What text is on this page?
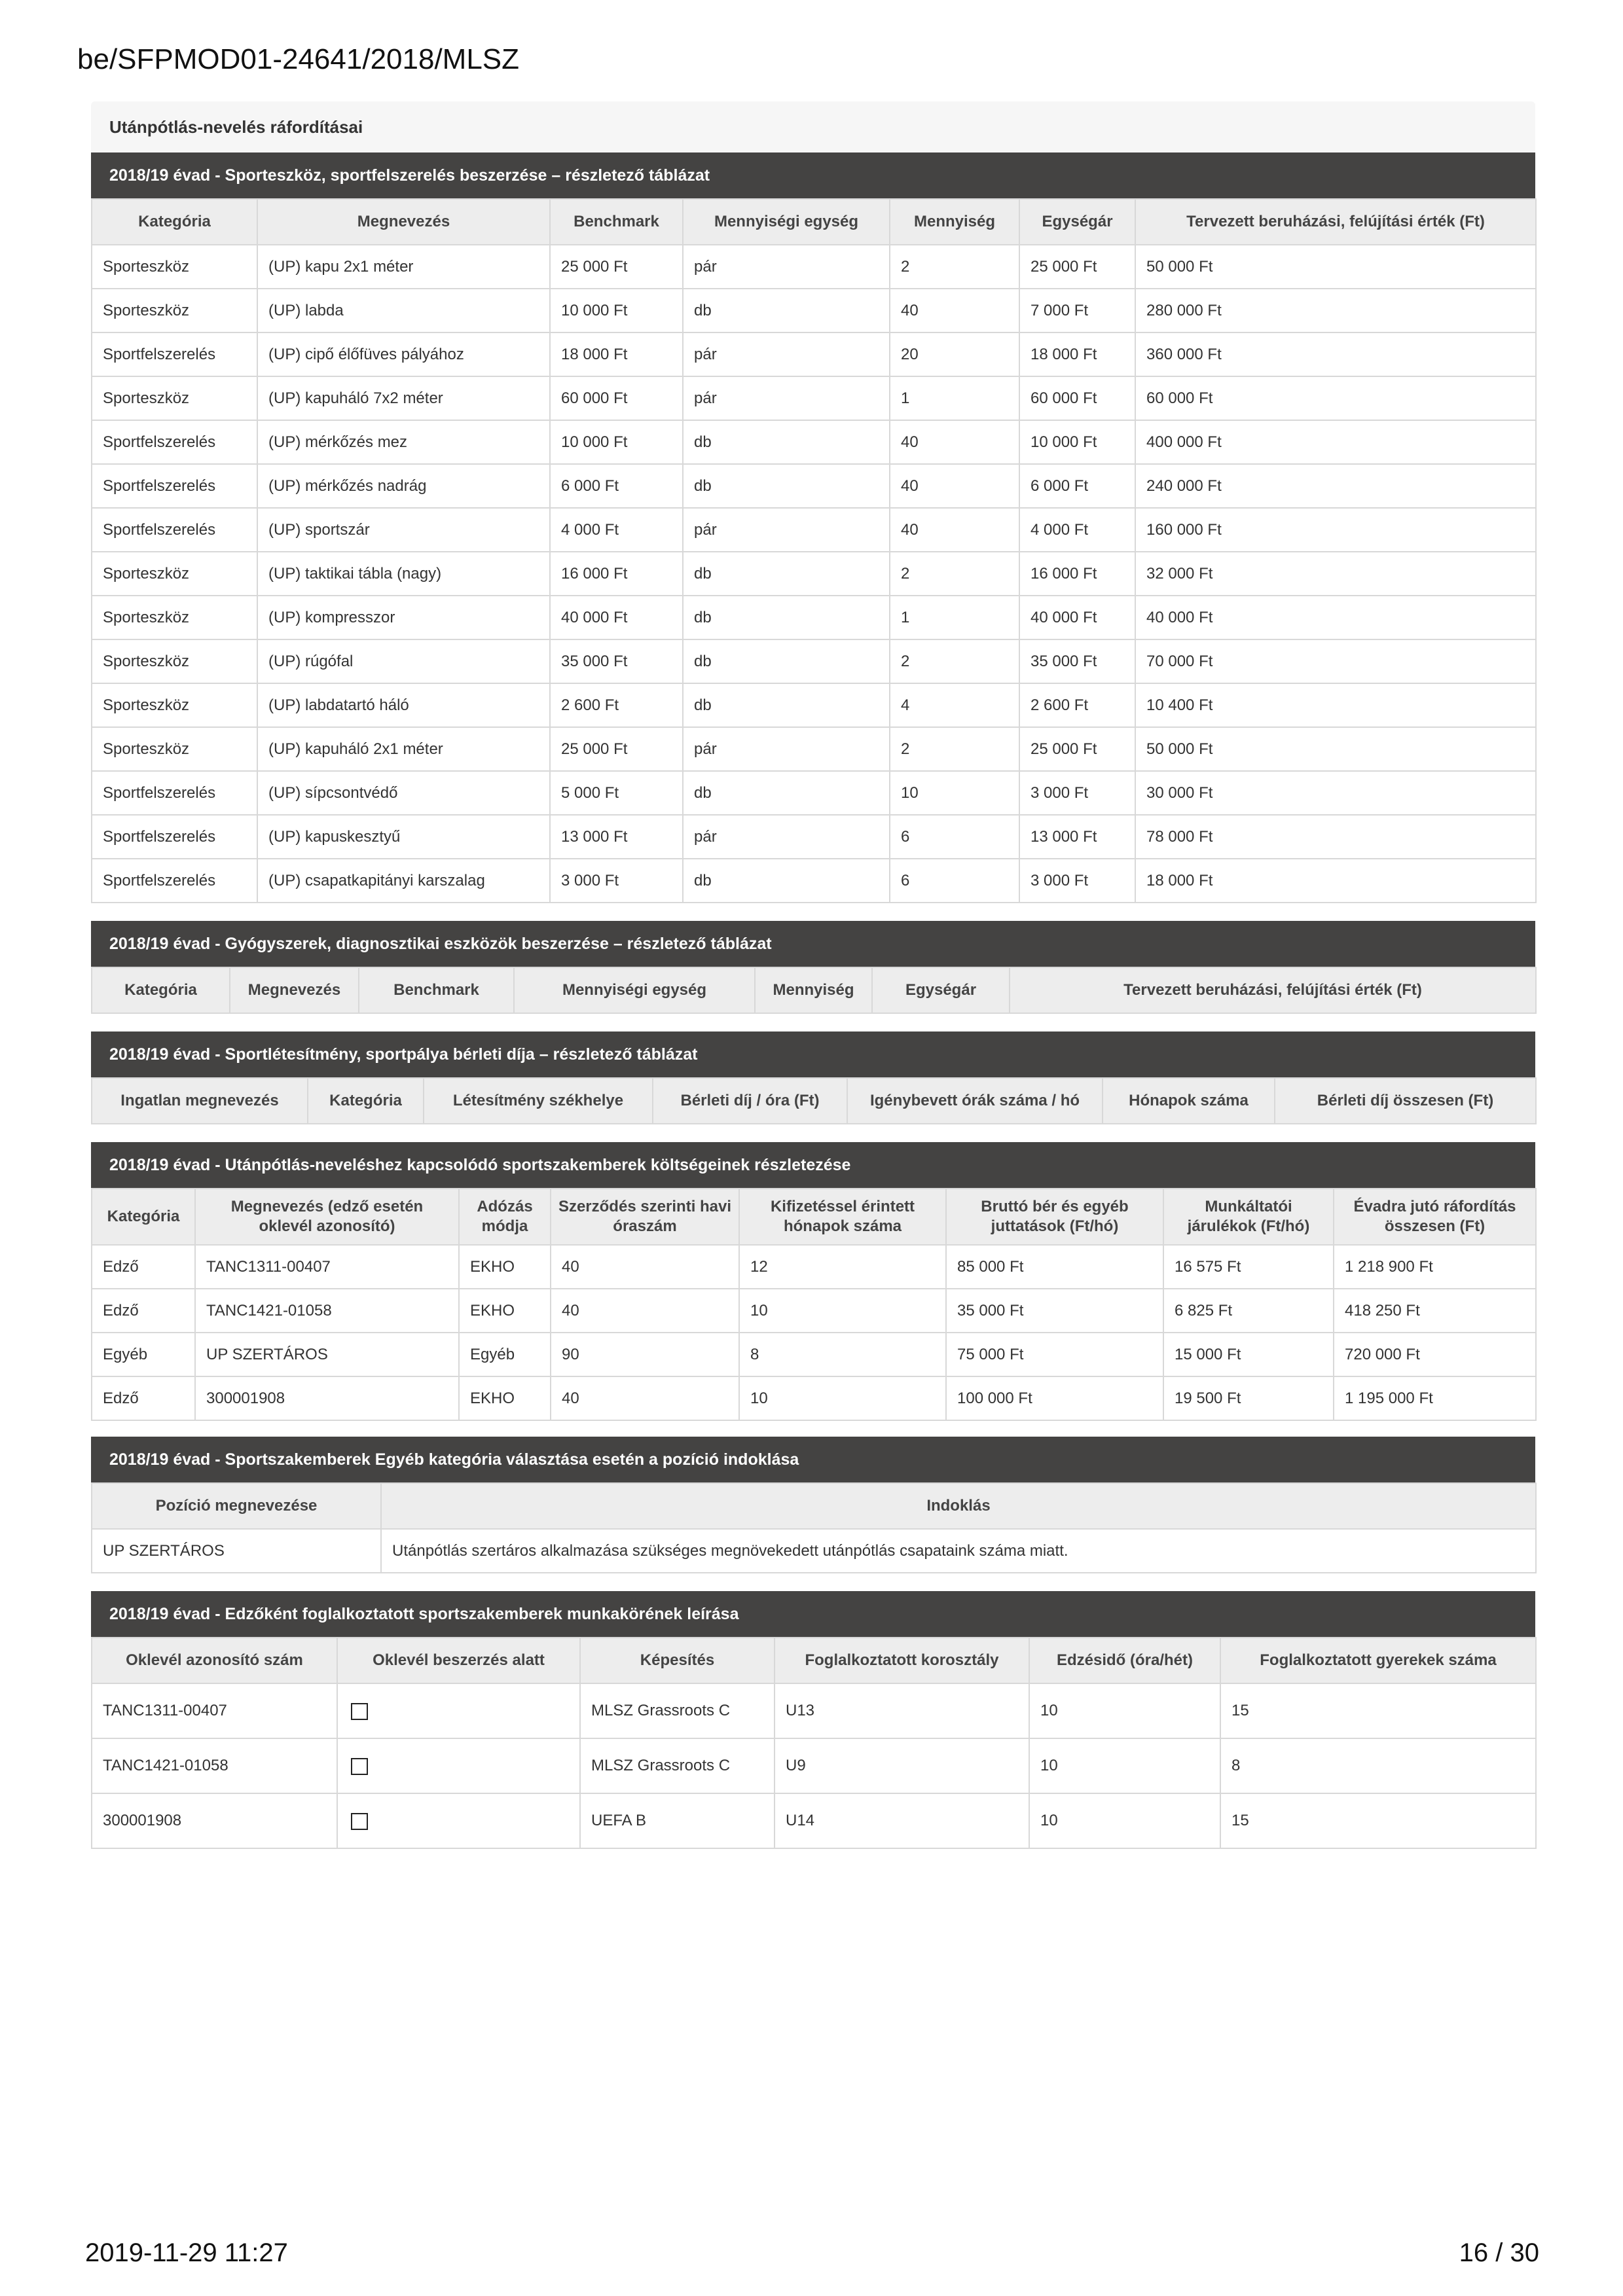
be/SFPMOD01-24641/2018/MLSZ
Utánpótlás-nevelés ráfordításai
2018/19 évad - Sporteszköz, sportfelszerelés beszerzése – részletező táblázat
Kategória	Megnevezés	Benchmark	Mennyiségi egység	Mennyiség	Egységár	Tervezett beruházási, felújítási érték (Ft)
Sporteszköz	(UP) kapu 2x1 méter	25 000 Ft	pár	2	25 000 Ft	50 000 Ft
Sporteszköz	(UP) labda	10 000 Ft	db	40	7 000 Ft	280 000 Ft
Sportfelszerelés	(UP) cipő élőfüves pályához	18 000 Ft	pár	20	18 000 Ft	360 000 Ft
Sporteszköz	(UP) kapuháló 7x2 méter	60 000 Ft	pár	1	60 000 Ft	60 000 Ft
Sportfelszerelés	(UP) mérkőzés mez	10 000 Ft	db	40	10 000 Ft	400 000 Ft
Sportfelszerelés	(UP) mérkőzés nadrág	6 000 Ft	db	40	6 000 Ft	240 000 Ft
Sportfelszerelés	(UP) sportszár	4 000 Ft	pár	40	4 000 Ft	160 000 Ft
Sporteszköz	(UP) taktikai tábla (nagy)	16 000 Ft	db	2	16 000 Ft	32 000 Ft
Sporteszköz	(UP) kompresszor	40 000 Ft	db	1	40 000 Ft	40 000 Ft
Sporteszköz	(UP) rúgófal	35 000 Ft	db	2	35 000 Ft	70 000 Ft
Sporteszköz	(UP) labdatartó háló	2 600 Ft	db	4	2 600 Ft	10 400 Ft
Sporteszköz	(UP) kapuháló 2x1 méter	25 000 Ft	pár	2	25 000 Ft	50 000 Ft
Sportfelszerelés	(UP) sípcsontvédő	5 000 Ft	db	10	3 000 Ft	30 000 Ft
Sportfelszerelés	(UP) kapuskesztyű	13 000 Ft	pár	6	13 000 Ft	78 000 Ft
Sportfelszerelés	(UP) csapatkapitányi karszalag	3 000 Ft	db	6	3 000 Ft	18 000 Ft
2018/19 évad - Gyógyszerek, diagnosztikai eszközök beszerzése – részletező táblázat
Kategória	Megnevezés	Benchmark	Mennyiségi egység	Mennyiség	Egységár	Tervezett beruházási, felújítási érték (Ft)
2018/19 évad - Sportlétesítmény, sportpálya bérleti díja – részletező táblázat
Ingatlan megnevezés	Kategória	Létesítmény székhelye	Bérleti díj / óra (Ft)	Igénybevett órák száma / hó	Hónapok száma	Bérleti díj összesen (Ft)
2018/19 évad - Utánpótlás-neveléshez kapcsolódó sportszakemberek költségeinek részletezése
Kategória	Megnevezés (edző esetén oklevél azonosító)	Adózás módja	Szerződés szerinti havi óraszám	Kifizetéssel érintett hónapok száma	Bruttó bér és egyéb juttatások (Ft/hó)	Munkáltatói járulékok (Ft/hó)	Évadra jutó ráfordítás összesen (Ft)
Edző	TANC1311-00407	EKHO	40	12	85 000 Ft	16 575 Ft	1 218 900 Ft
Edző	TANC1421-01058	EKHO	40	10	35 000 Ft	6 825 Ft	418 250 Ft
Egyéb	UP SZERTÁROS	Egyéb	90	8	75 000 Ft	15 000 Ft	720 000 Ft
Edző	300001908	EKHO	40	10	100 000 Ft	19 500 Ft	1 195 000 Ft
2018/19 évad - Sportszakemberek Egyéb kategória választása esetén a pozíció indoklása
Pozíció megnevezése	Indoklás
UP SZERTÁROS	Utánpótlás szertáros alkalmazása szükséges megnövekedett utánpótlás csapataink száma miatt.
2018/19 évad - Edzőként foglalkoztatott sportszakemberek munkakörének leírása
Oklevél azonosító szám	Oklevél beszerzés alatt	Képesítés	Foglalkoztatott korosztály	Edzésidő (óra/hét)	Foglalkoztatott gyerekek száma
TANC1311-00407		MLSZ Grassroots C	U13	10	15
TANC1421-01058		MLSZ Grassroots C	U9	10	8
300001908		UEFA B	U14	10	15
2019-11-29 11:27	16 / 30
